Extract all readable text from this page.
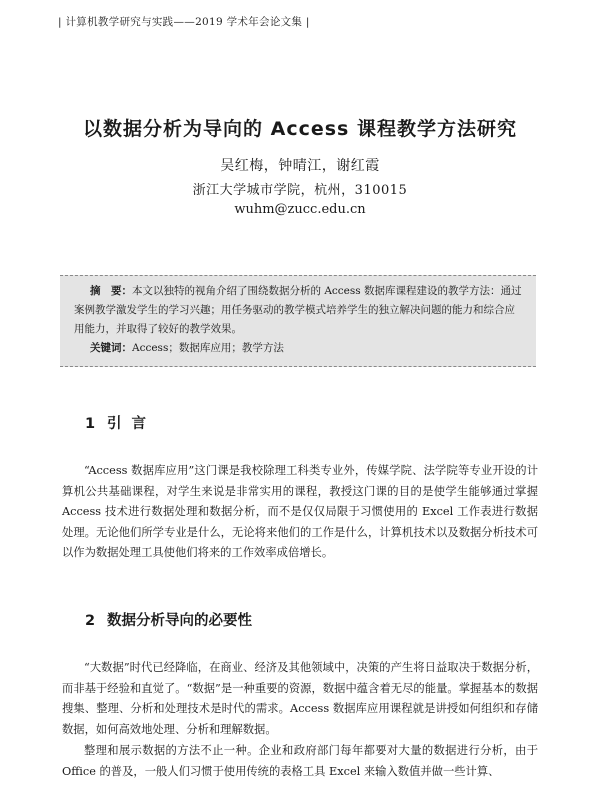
| 计算机教学研究与实践——2019 学术年会论文集 |
以数据分析为导向的 Access 课程教学方法研究
吴红梅，钟晴江，谢红霞
浙江大学城市学院，杭州，310015
wuhm@zucc.edu.cn

摘　要：本文以独特的视角介绍了围绕数据分析的 Access 数据库课程建设的教学方法：通过案例教学激发学生的学习兴趣；用任务驱动的教学模式培养学生的独立解决问题的能力和综合应用能力，并取得了较好的教学效果。

关键词：Access；数据库应用；教学方法

1 引言

“Access 数据库应用”这门课是我校除理工科类专业外，传媒学院、法学院等专业开设的计算机公共基础课程，对学生来说是非常实用的课程，教授这门课的目的是使学生能够通过掌握 Access 技术进行数据处理和数据分析，而不是仅仅局限于习惯使用的 Excel 工作表进行数据处理。无论他们所学专业是什么，无论将来他们的工作是什么，计算机技术以及数据分析技术可以作为数据处理工具使他们将来的工作效率成倍增长。

2 数据分析导向的必要性

“大数据”时代已经降临，在商业、经济及其他领域中，决策的产生将日益取决于数据分析，而非基于经验和直觉了。“数据”是一种重要的资源，数据中蕴含着无尽的能量。掌握基本的数据搜集、整理、分析和处理技术是时代的需求。Access 数据库应用课程就是讲授如何组织和存储数据，如何高效地处理、分析和理解数据。

整理和展示数据的方法不止一种。企业和政府部门每年都要对大量的数据进行分析，由于 Office 的普及，一般人们习惯于使用传统的表格工具 Excel 来输入数值并做一些计算、
